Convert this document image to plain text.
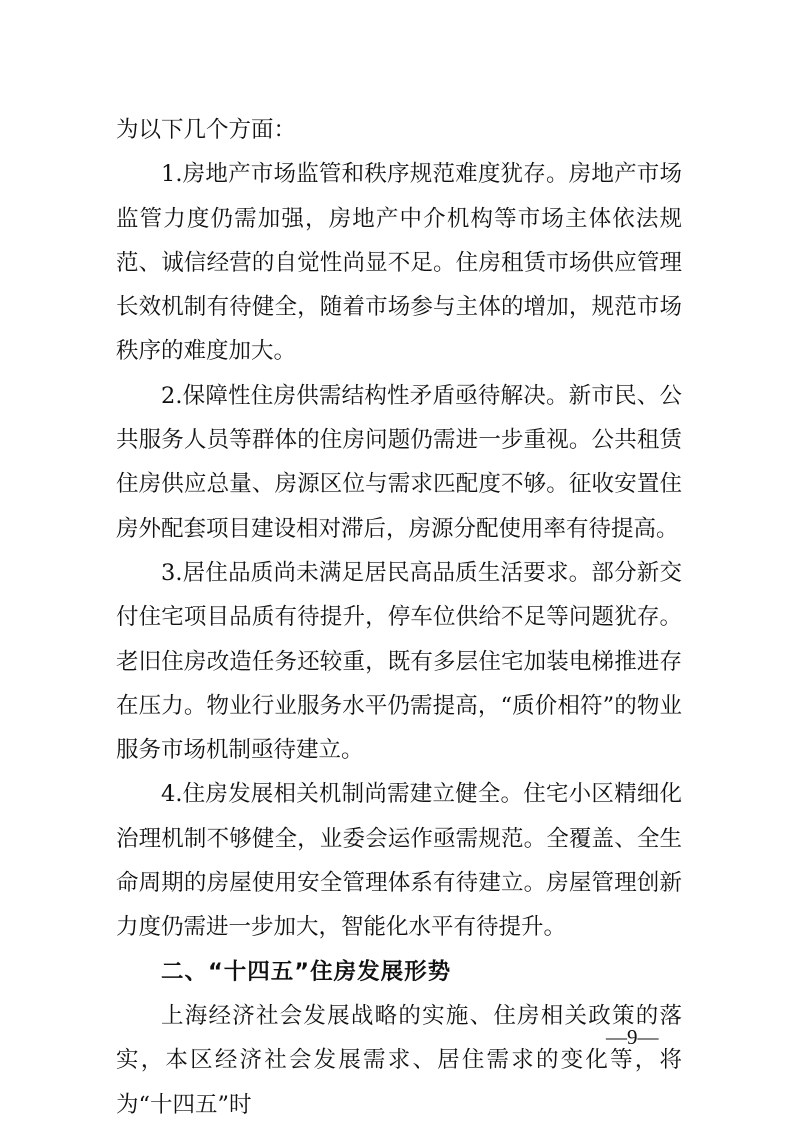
为以下几个方面：

1.房地产市场监管和秩序规范难度犹存。房地产市场监管力度仍需加强，房地产中介机构等市场主体依法规范、诚信经营的自觉性尚显不足。住房租赁市场供应管理长效机制有待健全，随着市场参与主体的增加，规范市场秩序的难度加大。

2.保障性住房供需结构性矛盾亟待解决。新市民、公共服务人员等群体的住房问题仍需进一步重视。公共租赁住房供应总量、房源区位与需求匹配度不够。征收安置住房外配套项目建设相对滞后，房源分配使用率有待提高。

3.居住品质尚未满足居民高品质生活要求。部分新交付住宅项目品质有待提升，停车位供给不足等问题犹存。老旧住房改造任务还较重，既有多层住宅加装电梯推进存在压力。物业行业服务水平仍需提高，“质价相符”的物业服务市场机制亟待建立。

4.住房发展相关机制尚需建立健全。住宅小区精细化治理机制不够健全，业委会运作亟需规范。全覆盖、全生命周期的房屋使用安全管理体系有待建立。房屋管理创新力度仍需进一步加大，智能化水平有待提升。

二、“十四五”住房发展形势

上海经济社会发展战略的实施、住房相关政策的落实，本区经济社会发展需求、居住需求的变化等，将为“十四五”时

—9—
